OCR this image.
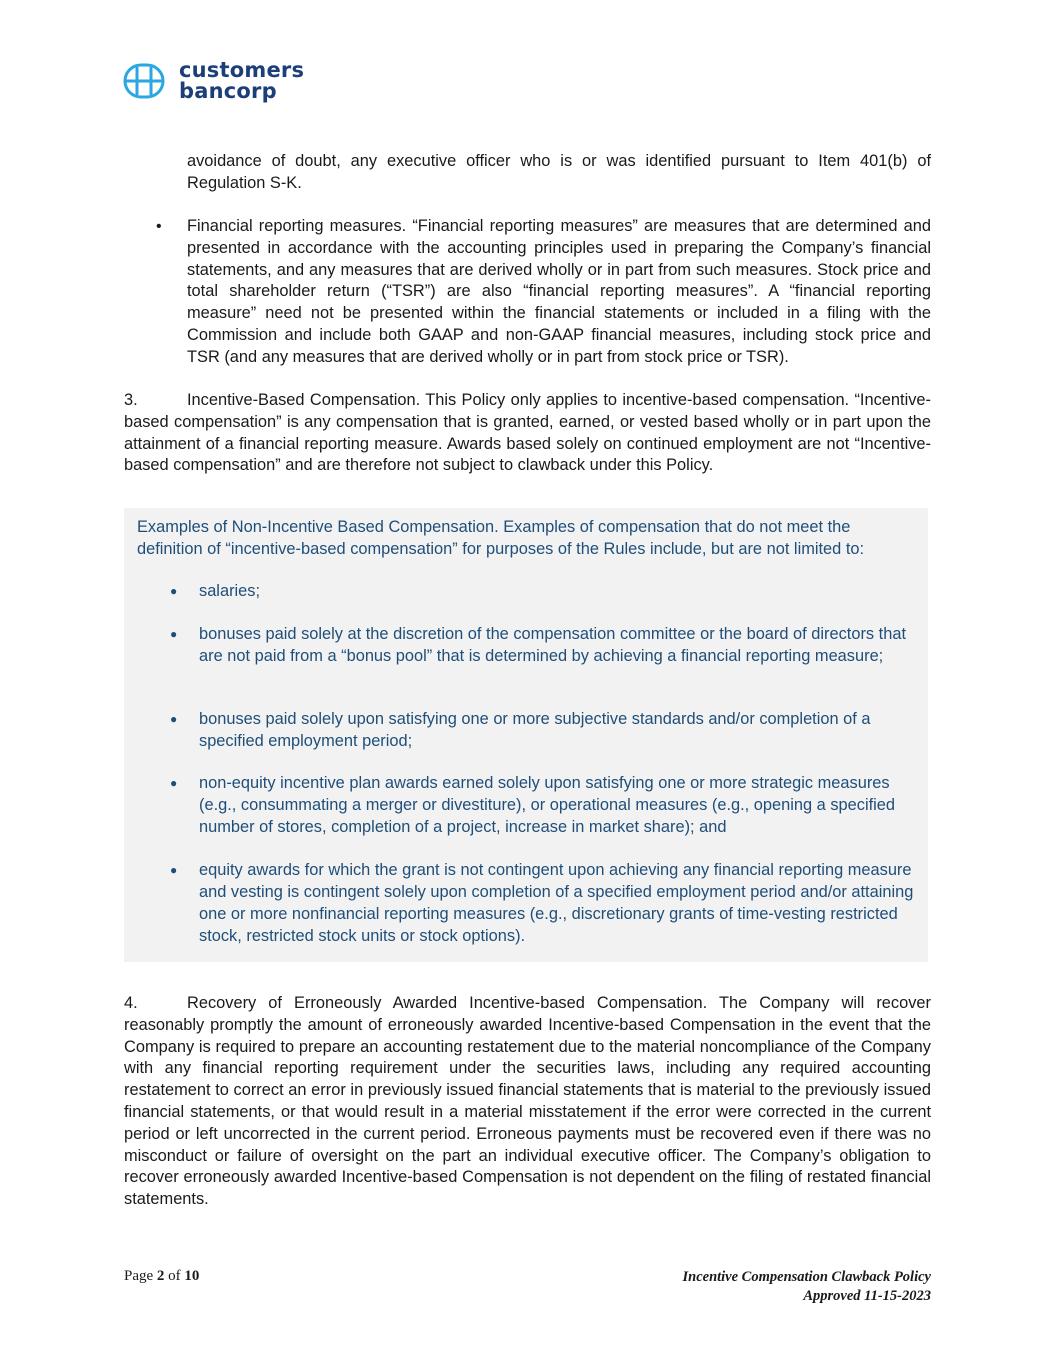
customers
bancorp

avoidance of doubt, any executive officer who is or was identified pursuant to Item 401(b) of Regulation S-K.

• Financial reporting measures. “Financial reporting measures” are measures that are determined and presented in accordance with the accounting principles used in preparing the Company’s financial statements, and any measures that are derived wholly or in part from such measures. Stock price and total shareholder return (“TSR”) are also “financial reporting measures”. A “financial reporting measure” need not be presented within the financial statements or included in a filing with the Commission and include both GAAP and non-GAAP financial measures, including stock price and TSR (and any measures that are derived wholly or in part from stock price or TSR).

3.	Incentive-Based Compensation. This Policy only applies to incentive-based compensation. “Incentive-based compensation” is any compensation that is granted, earned, or vested based wholly or in part upon the attainment of a financial reporting measure. Awards based solely on continued employment are not “Incentive-based compensation” and are therefore not subject to clawback under this Policy.

Examples of Non-Incentive Based Compensation. Examples of compensation that do not meet the definition of “incentive-based compensation” for purposes of the Rules include, but are not limited to:

● salaries;
● bonuses paid solely at the discretion of the compensation committee or the board of directors that are not paid from a “bonus pool” that is determined by achieving a financial reporting measure;
● bonuses paid solely upon satisfying one or more subjective standards and/or completion of a specified employment period;
● non-equity incentive plan awards earned solely upon satisfying one or more strategic measures (e.g., consummating a merger or divestiture), or operational measures (e.g., opening a specified number of stores, completion of a project, increase in market share); and
● equity awards for which the grant is not contingent upon achieving any financial reporting measure and vesting is contingent solely upon completion of a specified employment period and/or attaining one or more nonfinancial reporting measures (e.g., discretionary grants of time-vesting restricted stock, restricted stock units or stock options).

4.	Recovery of Erroneously Awarded Incentive-based Compensation. The Company will recover reasonably promptly the amount of erroneously awarded Incentive-based Compensation in the event that the Company is required to prepare an accounting restatement due to the material noncompliance of the Company with any financial reporting requirement under the securities laws, including any required accounting restatement to correct an error in previously issued financial statements that is material to the previously issued financial statements, or that would result in a material misstatement if the error were corrected in the current period or left uncorrected in the current period. Erroneous payments must be recovered even if there was no misconduct or failure of oversight on the part an individual executive officer. The Company’s obligation to recover erroneously awarded Incentive-based Compensation is not dependent on the filing of restated financial statements.

Page 2 of 10	Incentive Compensation Clawback Policy
Approved 11-15-2023
